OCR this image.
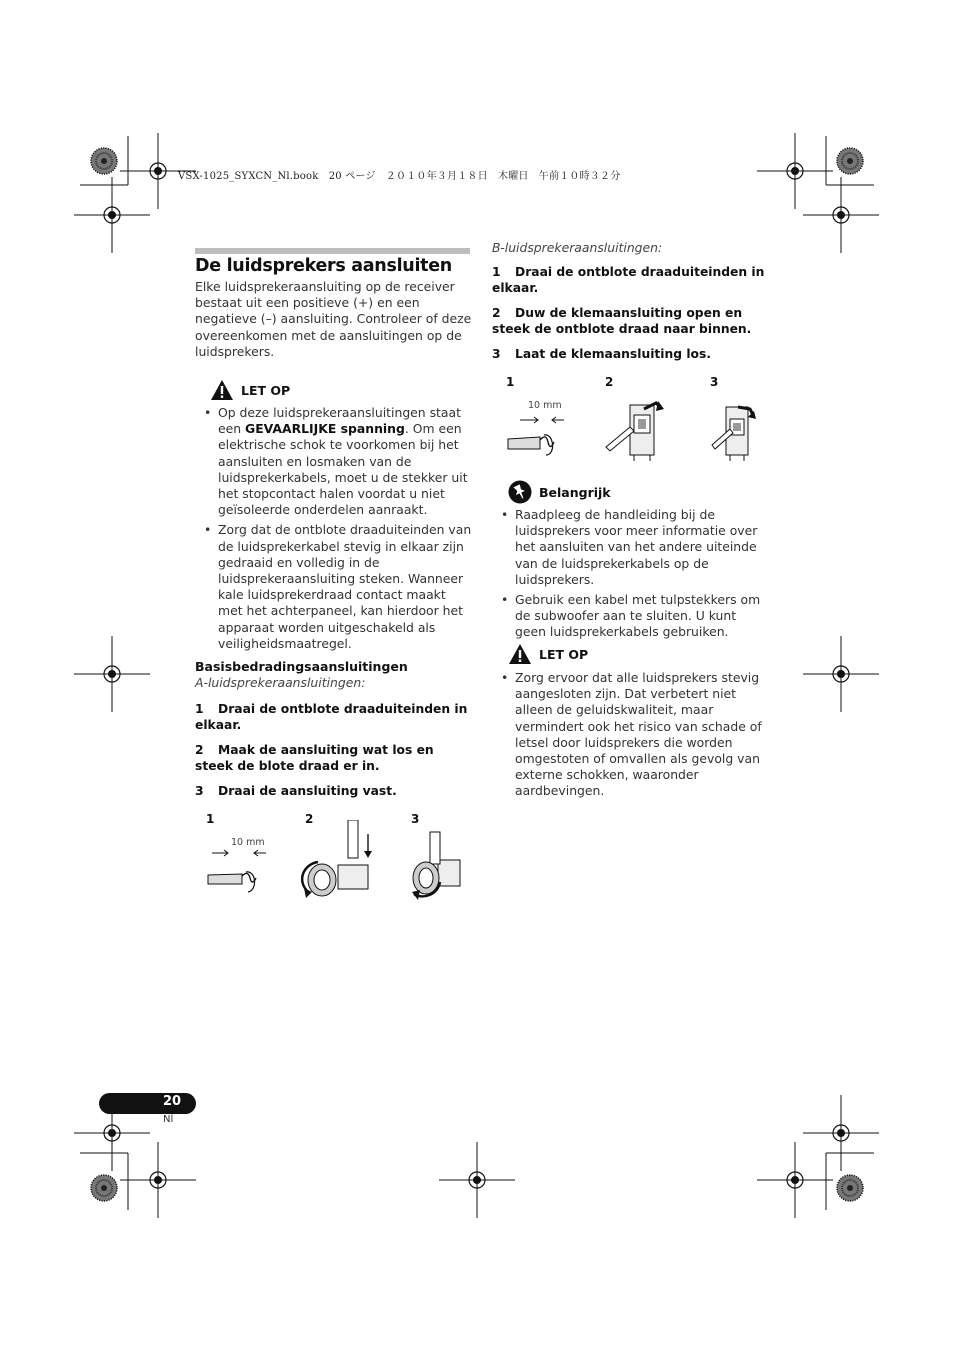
VSX-1025_SYXCN_Nl.book　20 ページ　２０１０年３月１８日　木曜日　午前１０時３２分
De luidsprekers aansluiten

Elke luidsprekeraansluiting op de receiver bestaat uit een positieve (+) en een negatieve (–) aansluiting. Controleer of deze overeenkomen met de aansluitingen op de luidsprekers.

LET OP
• Op deze luidsprekeraansluitingen staat een GEVAARLIJKE spanning. Om een elektrische schok te voorkomen bij het aansluiten en losmaken van de luidsprekerkabels, moet u de stekker uit het stopcontact halen voordat u niet geïsoleerde onderdelen aanraakt.
• Zorg dat de ontblote draaduiteinden van de luidsprekerkabel stevig in elkaar zijn gedraaid en volledig in de luidsprekeraansluiting steken. Wanneer kale luidsprekerdraad contact maakt met het achterpaneel, kan hierdoor het apparaat worden uitgeschakeld als veiligheidsmaatregel.
Basisbedradingsaansluitingen
A-luidsprekeraansluitingen:
1 Draai de ontblote draaduiteinden in elkaar.
2 Maak de aansluiting wat los en steek de blote draad er in.
3 Draai de aansluiting vast.
1	2	3
10 mm
B-luidsprekeraansluitingen:
1 Draai de ontblote draaduiteinden in elkaar.
2 Duw de klemaansluiting open en steek de ontblote draad naar binnen.
3 Laat de klemaansluiting los.
1	2	3
10 mm
Belangrijk
• Raadpleeg de handleiding bij de luidsprekers voor meer informatie over het aansluiten van het andere uiteinde van de luidsprekerkabels op de luidsprekers.
• Gebruik een kabel met tulpstekkers om de subwoofer aan te sluiten. U kunt geen luidsprekerkabels gebruiken.
LET OP
• Zorg ervoor dat alle luidsprekers stevig aangesloten zijn. Dat verbetert niet alleen de geluidskwaliteit, maar vermindert ook het risico van schade of letsel door luidsprekers die worden omgestoten of omvallen als gevolg van externe schokken, waaronder aardbevingen.
20
Nl
